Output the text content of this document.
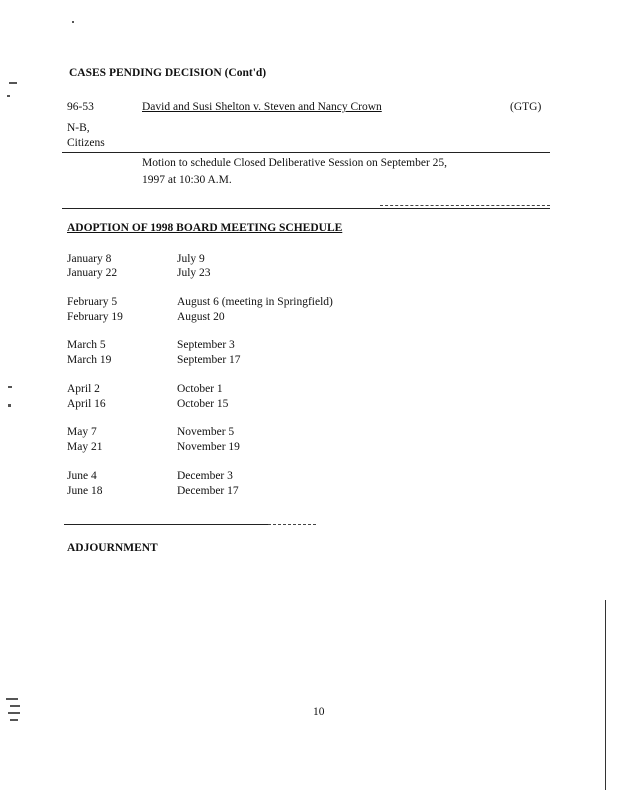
CASES PENDING DECISION (Cont'd)
96-53	David and Susi Shelton v. Steven and Nancy Crown	(GTG)
N-B,
Citizens
Motion to schedule Closed Deliberative Session on September 25,
1997 at 10:30 A.M.
ADOPTION OF 1998 BOARD MEETING SCHEDULE
January 8	July 9
January 22	July 23
February 5	August 6 (meeting in Springfield)
February 19	August 20
March 5	September 3
March 19	September 17
April 2	October 1
April 16	October 15
May 7	November 5
May 21	November 19
June 4	December 3
June 18	December 17
ADJOURNMENT
10
